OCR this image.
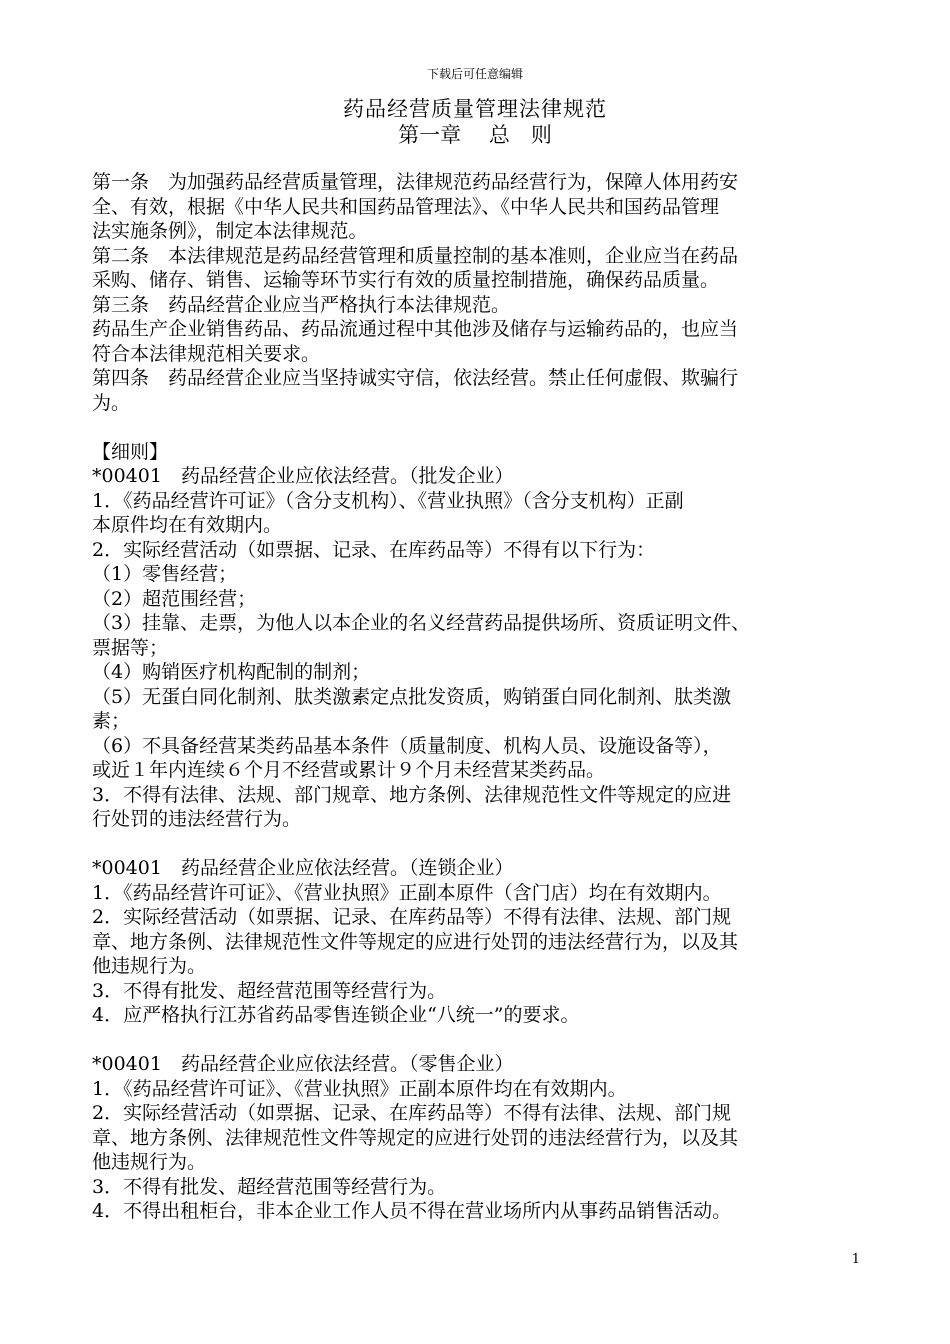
下载后可任意编辑
药品经营质量管理法律规范
第一章　 总　则
第一条　为加强药品经营质量管理，法律规范药品经营行为，保障人体用药安
全、有效，根据《中华人民共和国药品管理法》、《中华人民共和国药品管理
法实施条例》，制定本法律规范。
第二条　本法律规范是药品经营管理和质量控制的基本准则，企业应当在药品
采购、储存、销售、运输等环节实行有效的质量控制措施，确保药品质量。
第三条　药品经营企业应当严格执行本法律规范。
药品生产企业销售药品、药品流通过程中其他涉及储存与运输药品的，也应当
符合本法律规范相关要求。
第四条　药品经营企业应当坚持诚实守信，依法经营。禁止任何虚假、欺骗行
为。
【细则】
*00401　药品经营企业应依法经营。（批发企业）
1．《药品经营许可证》（含分支机构）、《营业执照》（含分支机构）正副
本原件均在有效期内。
2．实际经营活动（如票据、记录、在库药品等）不得有以下行为：
（1）零售经营；
（2）超范围经营；
（3）挂靠、走票，为他人以本企业的名义经营药品提供场所、资质证明文件、
票据等；
（4）购销医疗机构配制的制剂；
（5）无蛋白同化制剂、肽类激素定点批发资质，购销蛋白同化制剂、肽类激
素；
（6）不具备经营某类药品基本条件（质量制度、机构人员、设施设备等），
或近１年内连续６个月不经营或累计９个月未经营某类药品。
3．不得有法律、法规、部门规章、地方条例、法律规范性文件等规定的应进
行处罚的违法经营行为。
*00401　药品经营企业应依法经营。（连锁企业）
1．《药品经营许可证》、《营业执照》正副本原件（含门店）均在有效期内。
2．实际经营活动（如票据、记录、在库药品等）不得有法律、法规、部门规
章、地方条例、法律规范性文件等规定的应进行处罚的违法经营行为，以及其
他违规行为。
3．不得有批发、超经营范围等经营行为。
4．应严格执行江苏省药品零售连锁企业“八统一”的要求。
*00401　药品经营企业应依法经营。（零售企业）
1．《药品经营许可证》、《营业执照》正副本原件均在有效期内。
2．实际经营活动（如票据、记录、在库药品等）不得有法律、法规、部门规
章、地方条例、法律规范性文件等规定的应进行处罚的违法经营行为，以及其
他违规行为。
3．不得有批发、超经营范围等经营行为。
4．不得出租柜台，非本企业工作人员不得在营业场所内从事药品销售活动。
1
